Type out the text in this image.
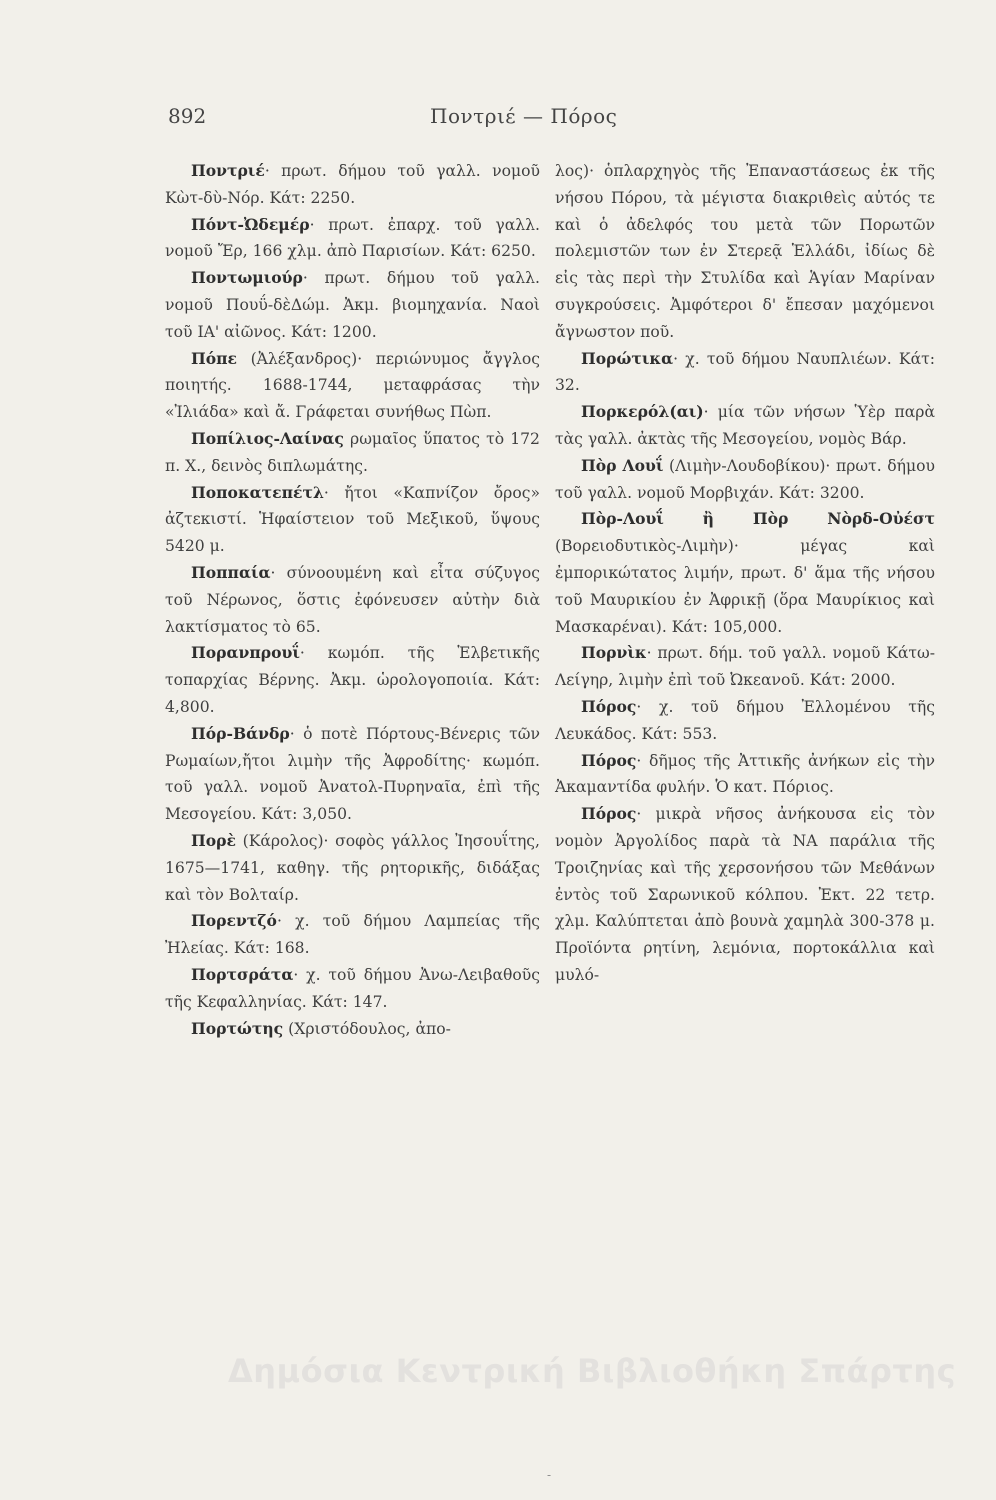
892	Ποντριέ — Πόρος

Ποντριέ· πρωτ. δήμου τοῦ γαλλ. νομοῦ Κὼτ-δὺ-Νόρ. Κάτ: 2250.

Πόντ-Ὠδεμέρ· πρωτ. ἐπαρχ. τοῦ γαλλ. νομοῦ Ἔρ, 166 χλμ. ἀπὸ Παρισίων. Κάτ: 6250.

Ποντωμιούρ· πρωτ. δήμου τοῦ γαλλ. νομοῦ Πουΰ-δὲΔώμ. Ἀκμ. βιομηχανία. Ναοὶ τοῦ ΙΑ' αἰῶνος. Κάτ: 1200.

Πόπε (Ἀλέξανδρος)· περιώνυμος ἄγγλος ποιητής. 1688-1744, μεταφράσας τὴν «Ἰλιάδα» καὶ ἄ. Γράφεται συνήθως Πὼπ.

Ποπίλιος-Λαίνας ρωμαῖος ὕπατος τὸ 172 π. Χ., δεινὸς διπλωμάτης.

Ποποκατεπέτλ· ἤτοι «Καπνίζον ὄρος» ἀζτεκιστί. Ἡφαίστειον τοῦ Μεξικοῦ, ὕψους 5420 μ.

Ποππαία· σύνοουμένη καὶ εἶτα σύζυγος τοῦ Νέρωνος, ὅστις ἐφόνευσεν αὐτὴν διὰ λακτίσματος τὸ 65.

Πορανπρουΐ· κωμόπ. τῆς Ἑλβετικῆς τοπαρχίας Βέρνης. Ἀκμ. ὡρολογοποιία. Κάτ: 4,800.

Πόρ-Βάνδρ· ὁ ποτὲ Πόρτους-Βένερις τῶν Ρωμαίων,ἤτοι λιμὴν τῆς Ἀφροδίτης· κωμόπ. τοῦ γαλλ. νομοῦ Ἀνατολ-Πυρηναῖα, ἐπὶ τῆς Μεσογείου. Κάτ: 3,050.

Πορὲ (Κάρολος)· σοφὸς γάλλος Ἰησουΐτης, 1675—1741, καθηγ. τῆς ρητορικῆς, διδάξας καὶ τὸν Βολταίρ.

Πορεντζό· χ. τοῦ δήμου Λαμπείας τῆς Ἠλείας. Κάτ: 168.

Πορτσράτα· χ. τοῦ δήμου Ἀνω-Λειβαθοῦς τῆς Κεφαλληνίας. Κάτ: 147.

Πορτώτης (Χριστόδουλος, ἀπο-

λος)· ὁπλαρχηγὸς τῆς Ἐπαναστάσεως ἐκ τῆς νήσου Πόρου, τὰ μέγιστα διακριθεὶς αὐτός τε καὶ ὁ ἀδελφός του μετὰ τῶν Πορωτῶν πολεμιστῶν των ἐν Στερεᾷ Ἑλλάδι, ἰδίως δὲ εἰς τὰς περὶ τὴν Στυλίδα καὶ Ἁγίαν Μαρίναν συγκρούσεις. Ἀμφότεροι δ' ἔπεσαν μαχόμενοι ἄγνωστον ποῦ.

Πορώτικα· χ. τοῦ δήμου Ναυπλιέων. Κάτ: 32.

Πορκερόλ(αι)· μία τῶν νήσων Ὑὲρ παρὰ τὰς γαλλ. ἀκτὰς τῆς Μεσογείου, νομὸς Βάρ.

Πὸρ Λουΐ (Λιμὴν-Λουδοβίκου)· πρωτ. δήμου τοῦ γαλλ. νομοῦ Μορβιχάν. Κάτ: 3200.

Πὸρ-Λουΐ ἢ Πὸρ Νὸρδ-Οὐέστ (Βορειοδυτικὸς-Λιμὴν)· μέγας καὶ ἐμπορικώτατος λιμήν, πρωτ. δ' ἅμα τῆς νήσου τοῦ Μαυρικίου ἐν Ἀφρικῇ (ὅρα Μαυρίκιος καὶ Μασκαρέναι). Κάτ: 105,000.

Πορνὶκ· πρωτ. δήμ. τοῦ γαλλ. νομοῦ Κάτω-Λείγηρ, λιμὴν ἐπὶ τοῦ Ὠκεανοῦ. Κάτ: 2000.

Πόρος· χ. τοῦ δήμου Ἐλλομένου τῆς Λευκάδος. Κάτ: 553.

Πόρος· δῆμος τῆς Ἀττικῆς ἀνήκων εἰς τὴν Ἀκαμαντίδα φυλήν. Ὁ κατ. Πόριος.

Πόρος· μικρὰ νῆσος ἀνήκουσα εἰς τὸν νομὸν Ἀργολίδος παρὰ τὰ ΝΑ παράλια τῆς Τροιζηνίας καὶ τῆς χερσονήσου τῶν Μεθάνων ἐντὸς τοῦ Σαρωνικοῦ κόλπου. Ἐκτ. 22 τετρ. χλμ. Καλύπτεται ἀπὸ βουνὰ χαμηλὰ 300-378 μ. Προϊόντα ρητίνη, λεμόνια, πορτοκάλλια καὶ μυλό-

Δημόσια Κεντρική Βιβλιοθήκη Σπάρτης
-
